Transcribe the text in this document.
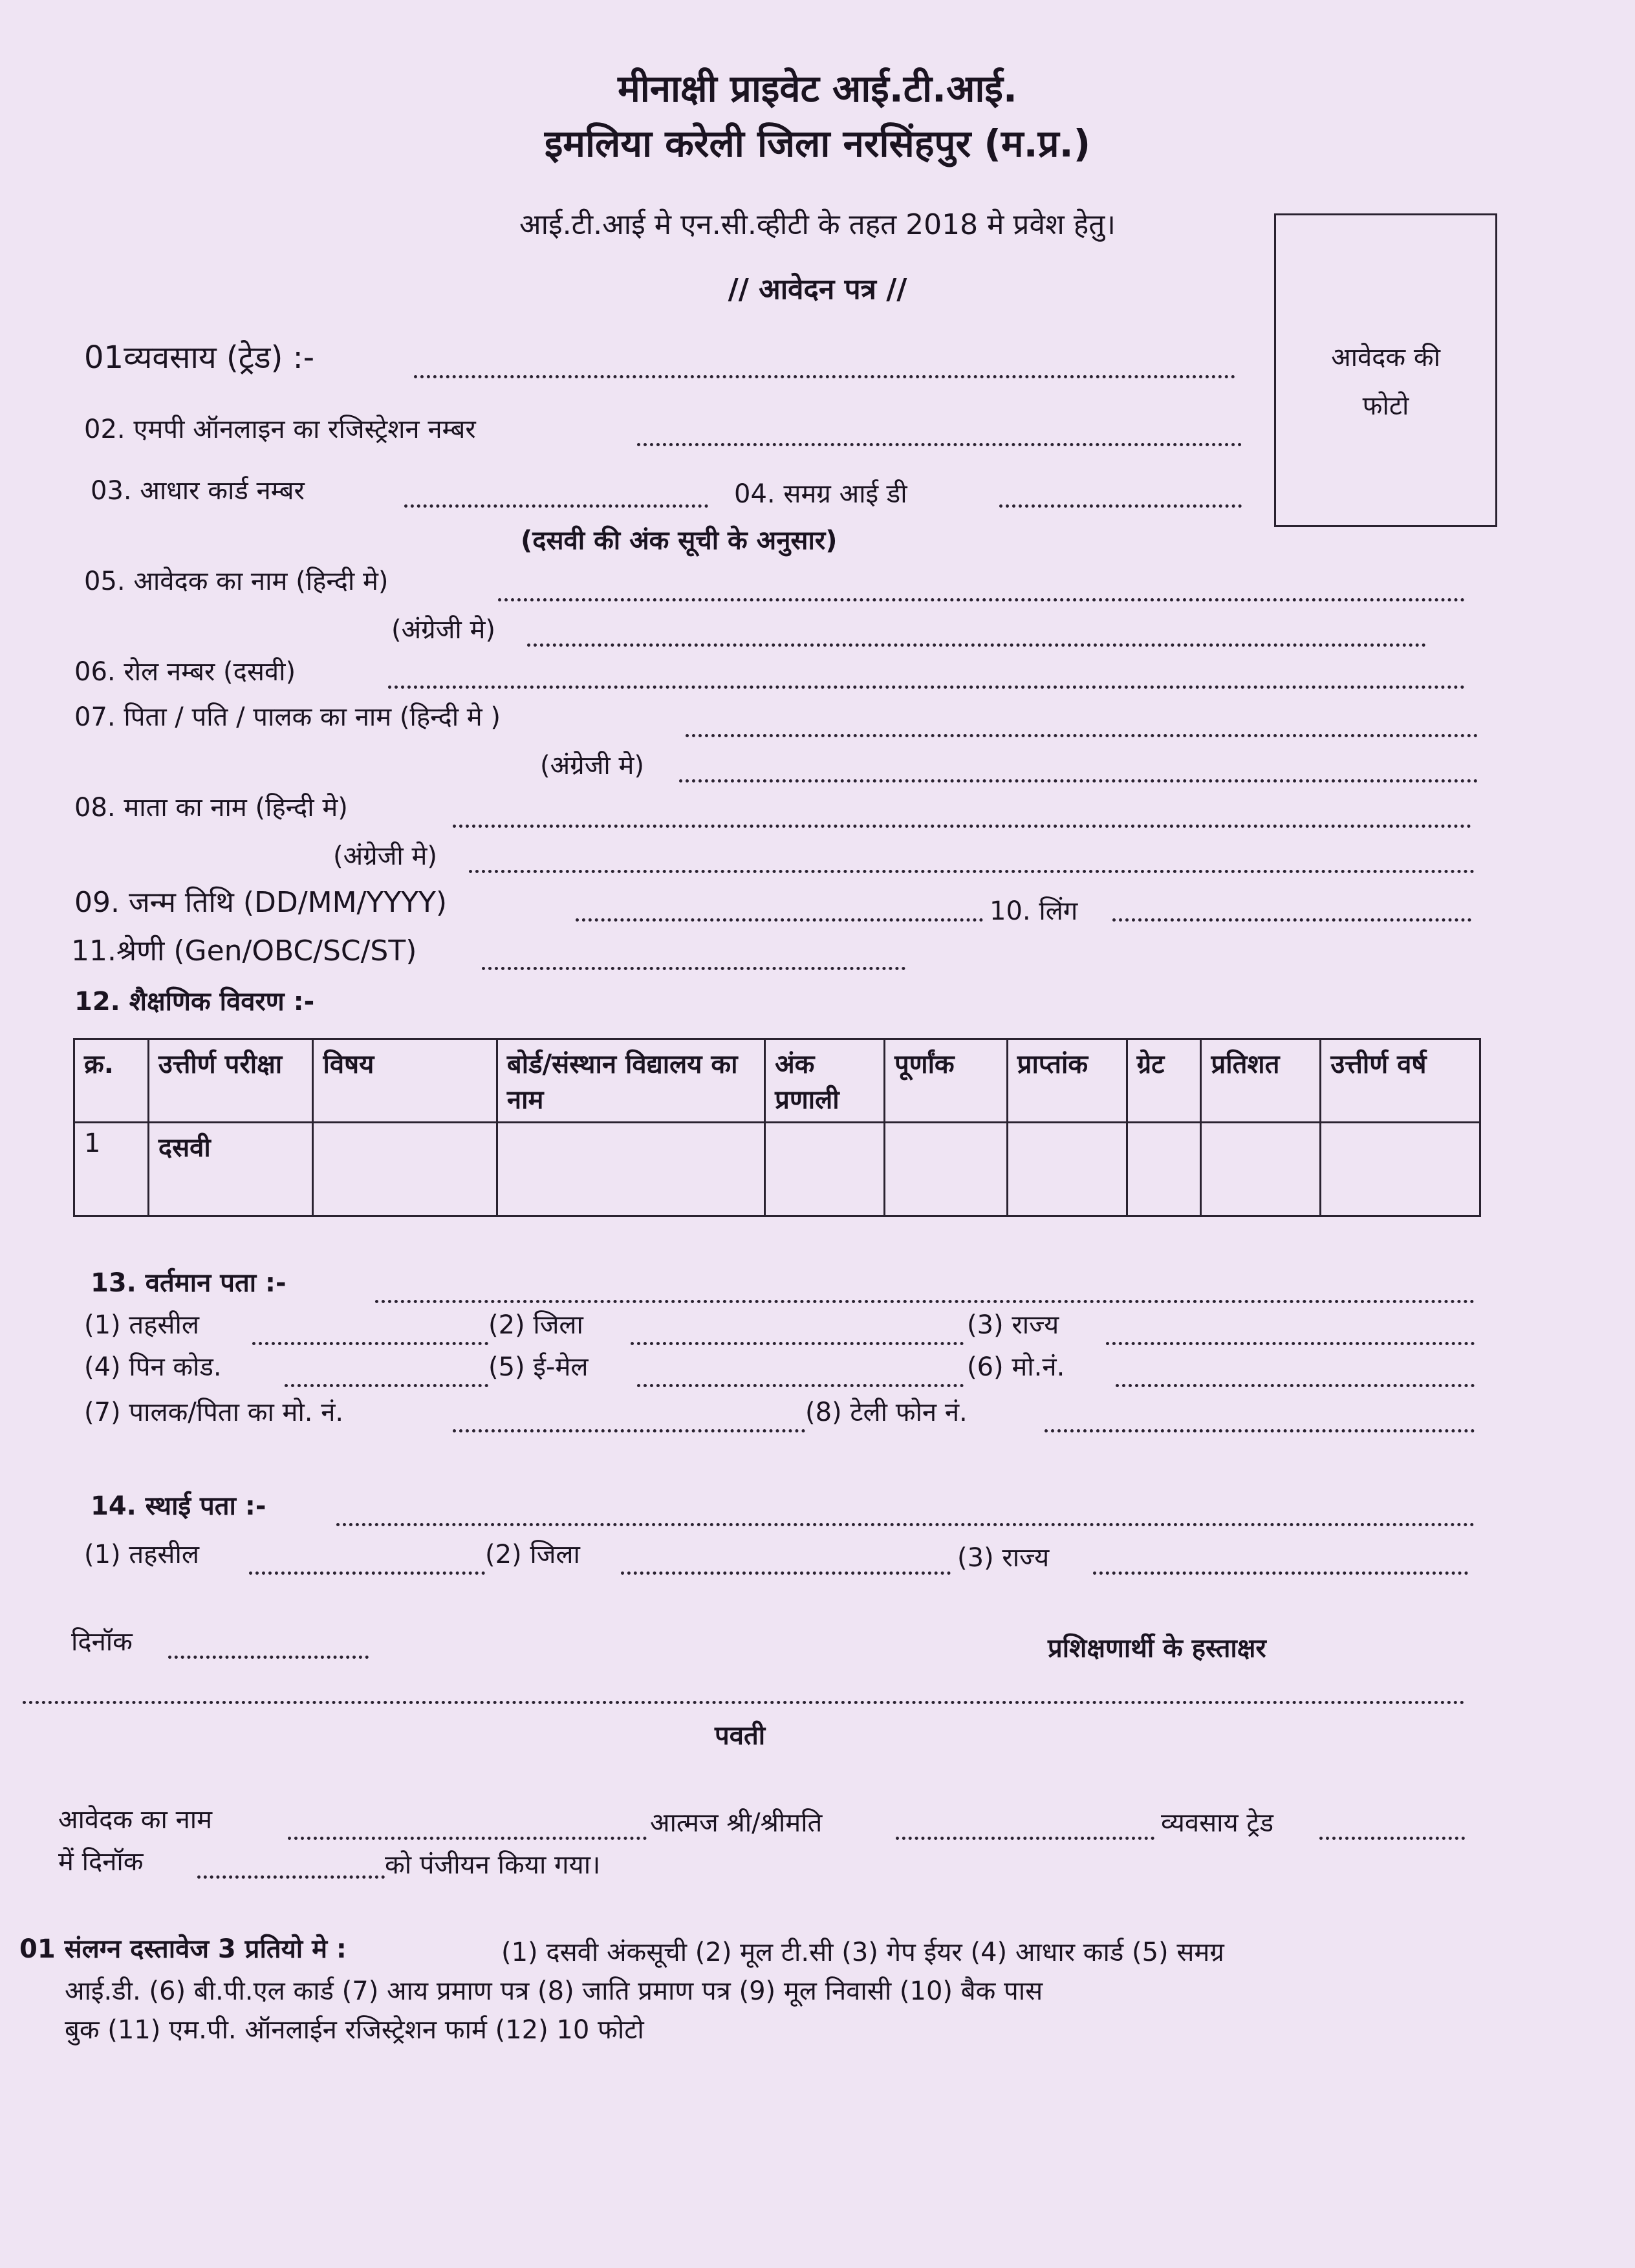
मीनाक्षी प्राइवेट आई.टी.आई.
इमलिया करेली जिला नरसिंहपुर (म.प्र.)
आई.टी.आई मे एन.सी.व्हीटी के तहत 2018 मे प्रवेश हेतु।
// आवेदन पत्र //
आवेदक की
फोटो
01व्यवसाय (ट्रेड) :-
02. एमपी ऑनलाइन का रजिस्ट्रेशन नम्बर
03. आधार कार्ड नम्बर	04. समग्र आई डी
(दसवी की अंक सूची के अनुसार)
05. आवेदक का नाम (हिन्दी मे)
(अंग्रेजी मे)
06. रोल नम्बर (दसवी)
07. पिता / पति / पालक का नाम (हिन्दी मे )
(अंग्रेजी मे)
08. माता का नाम (हिन्दी मे)
(अंग्रेजी मे)
09. जन्म तिथि (DD/MM/YYYY)	10. लिंग
11.श्रेणी (Gen/OBC/SC/ST)
12. शैक्षणिक विवरण :-
क्र.	उत्तीर्ण परीक्षा	विषय	बोर्ड/संस्थान विद्यालय का नाम	अंक प्रणाली	पूर्णांक	प्राप्तांक	ग्रेट	प्रतिशत	उत्तीर्ण वर्ष
1	दसवी								
13. वर्तमान पता :-
(1) तहसील	(2) जिला	(3) राज्य
(4) पिन कोड.	(5) ई-मेल	(6) मो.नं.
(7) पालक/पिता का मो. नं.	(8) टेली फोन नं.
14. स्थाई पता :-
(1) तहसील	(2) जिला	(3) राज्य
दिनॉक	प्रशिक्षणार्थी के हस्ताक्षर
पवती
आवेदक का नाम	आत्मज श्री/श्रीमति	व्यवसाय ट्रेड
में दिनॉक	को पंजीयन किया गया।
01 संलग्न दस्तावेज 3 प्रतियो मे :	(1) दसवी अंकसूची (2) मूल टी.सी (3) गेप ईयर (4) आधार कार्ड (5) समग्र
आई.डी. (6) बी.पी.एल कार्ड (7) आय प्रमाण पत्र (8) जाति प्रमाण पत्र (9) मूल निवासी (10) बैक पास
बुक (11) एम.पी. ऑनलाईन रजिस्ट्रेशन फार्म (12) 10 फोटो
